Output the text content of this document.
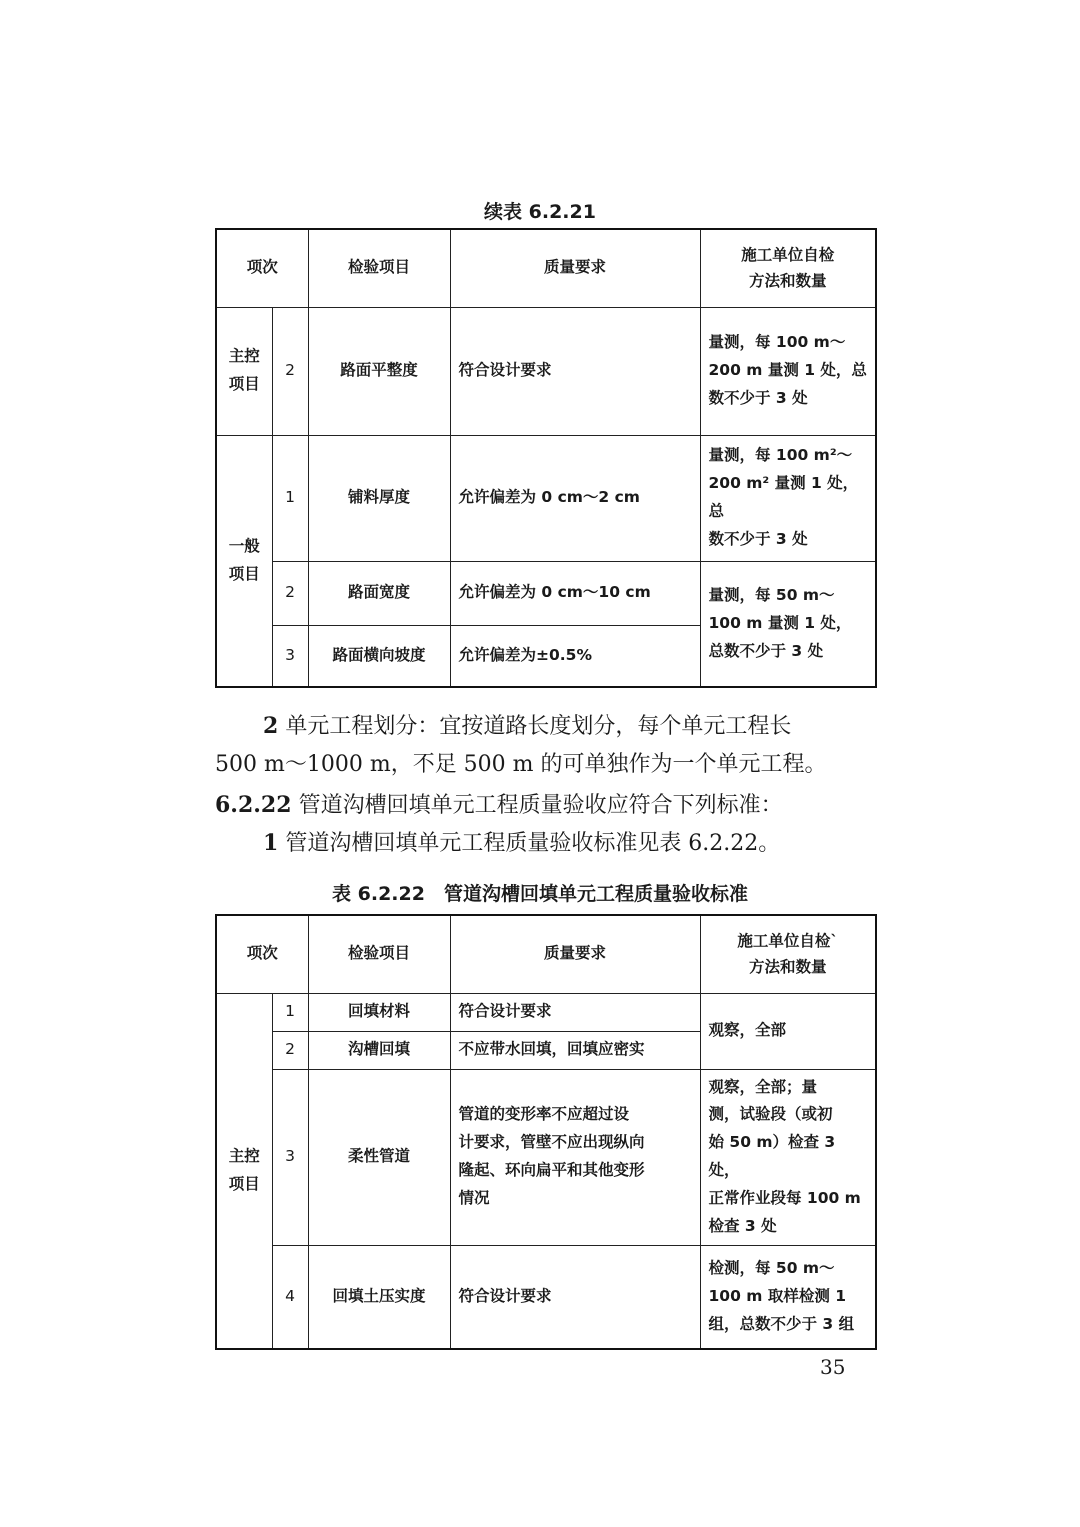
续表 6.2.21
项次		检验项目	质量要求	施工单位自检
方法和数量
主控
项目	2	路面平整度	符合设计要求	量测，每 100 m～
200 m 量测 1 处，总
数不少于 3 处
一般
项目	1	铺料厚度	允许偏差为 0 cm～2 cm	量测，每 100 m²～
200 m² 量测 1 处，总
数不少于 3 处
	2	路面宽度	允许偏差为 0 cm～10 cm	量测，每 50 m～
100 m 量测 1 处，
总数不少于 3 处
	3	路面横向坡度	允许偏差为±0.5%	
2 单元工程划分：宜按道路长度划分，每个单元工程长
500 m～1000 m，不足 500 m 的可单独作为一个单元工程。
6.2.22 管道沟槽回填单元工程质量验收应符合下列标准：
1 管道沟槽回填单元工程质量验收标准见表 6.2.22。
表 6.2.22　管道沟槽回填单元工程质量验收标准
项次		检验项目	质量要求	施工单位自检`
方法和数量
主控
项目	1	回填材料	符合设计要求	观察，全部
	2	沟槽回填	不应带水回填，回填应密实	
	3	柔性管道	管道的变形率不应超过设
计要求，管壁不应出现纵向
隆起、环向扁平和其他变形
情况	观察，全部；量
测，试验段（或初
始 50 m）检查 3 处，
正常作业段每 100 m
检查 3 处
	4	回填土压实度	符合设计要求	检测，每 50 m～
100 m 取样检测 1
组，总数不少于 3 组
35
